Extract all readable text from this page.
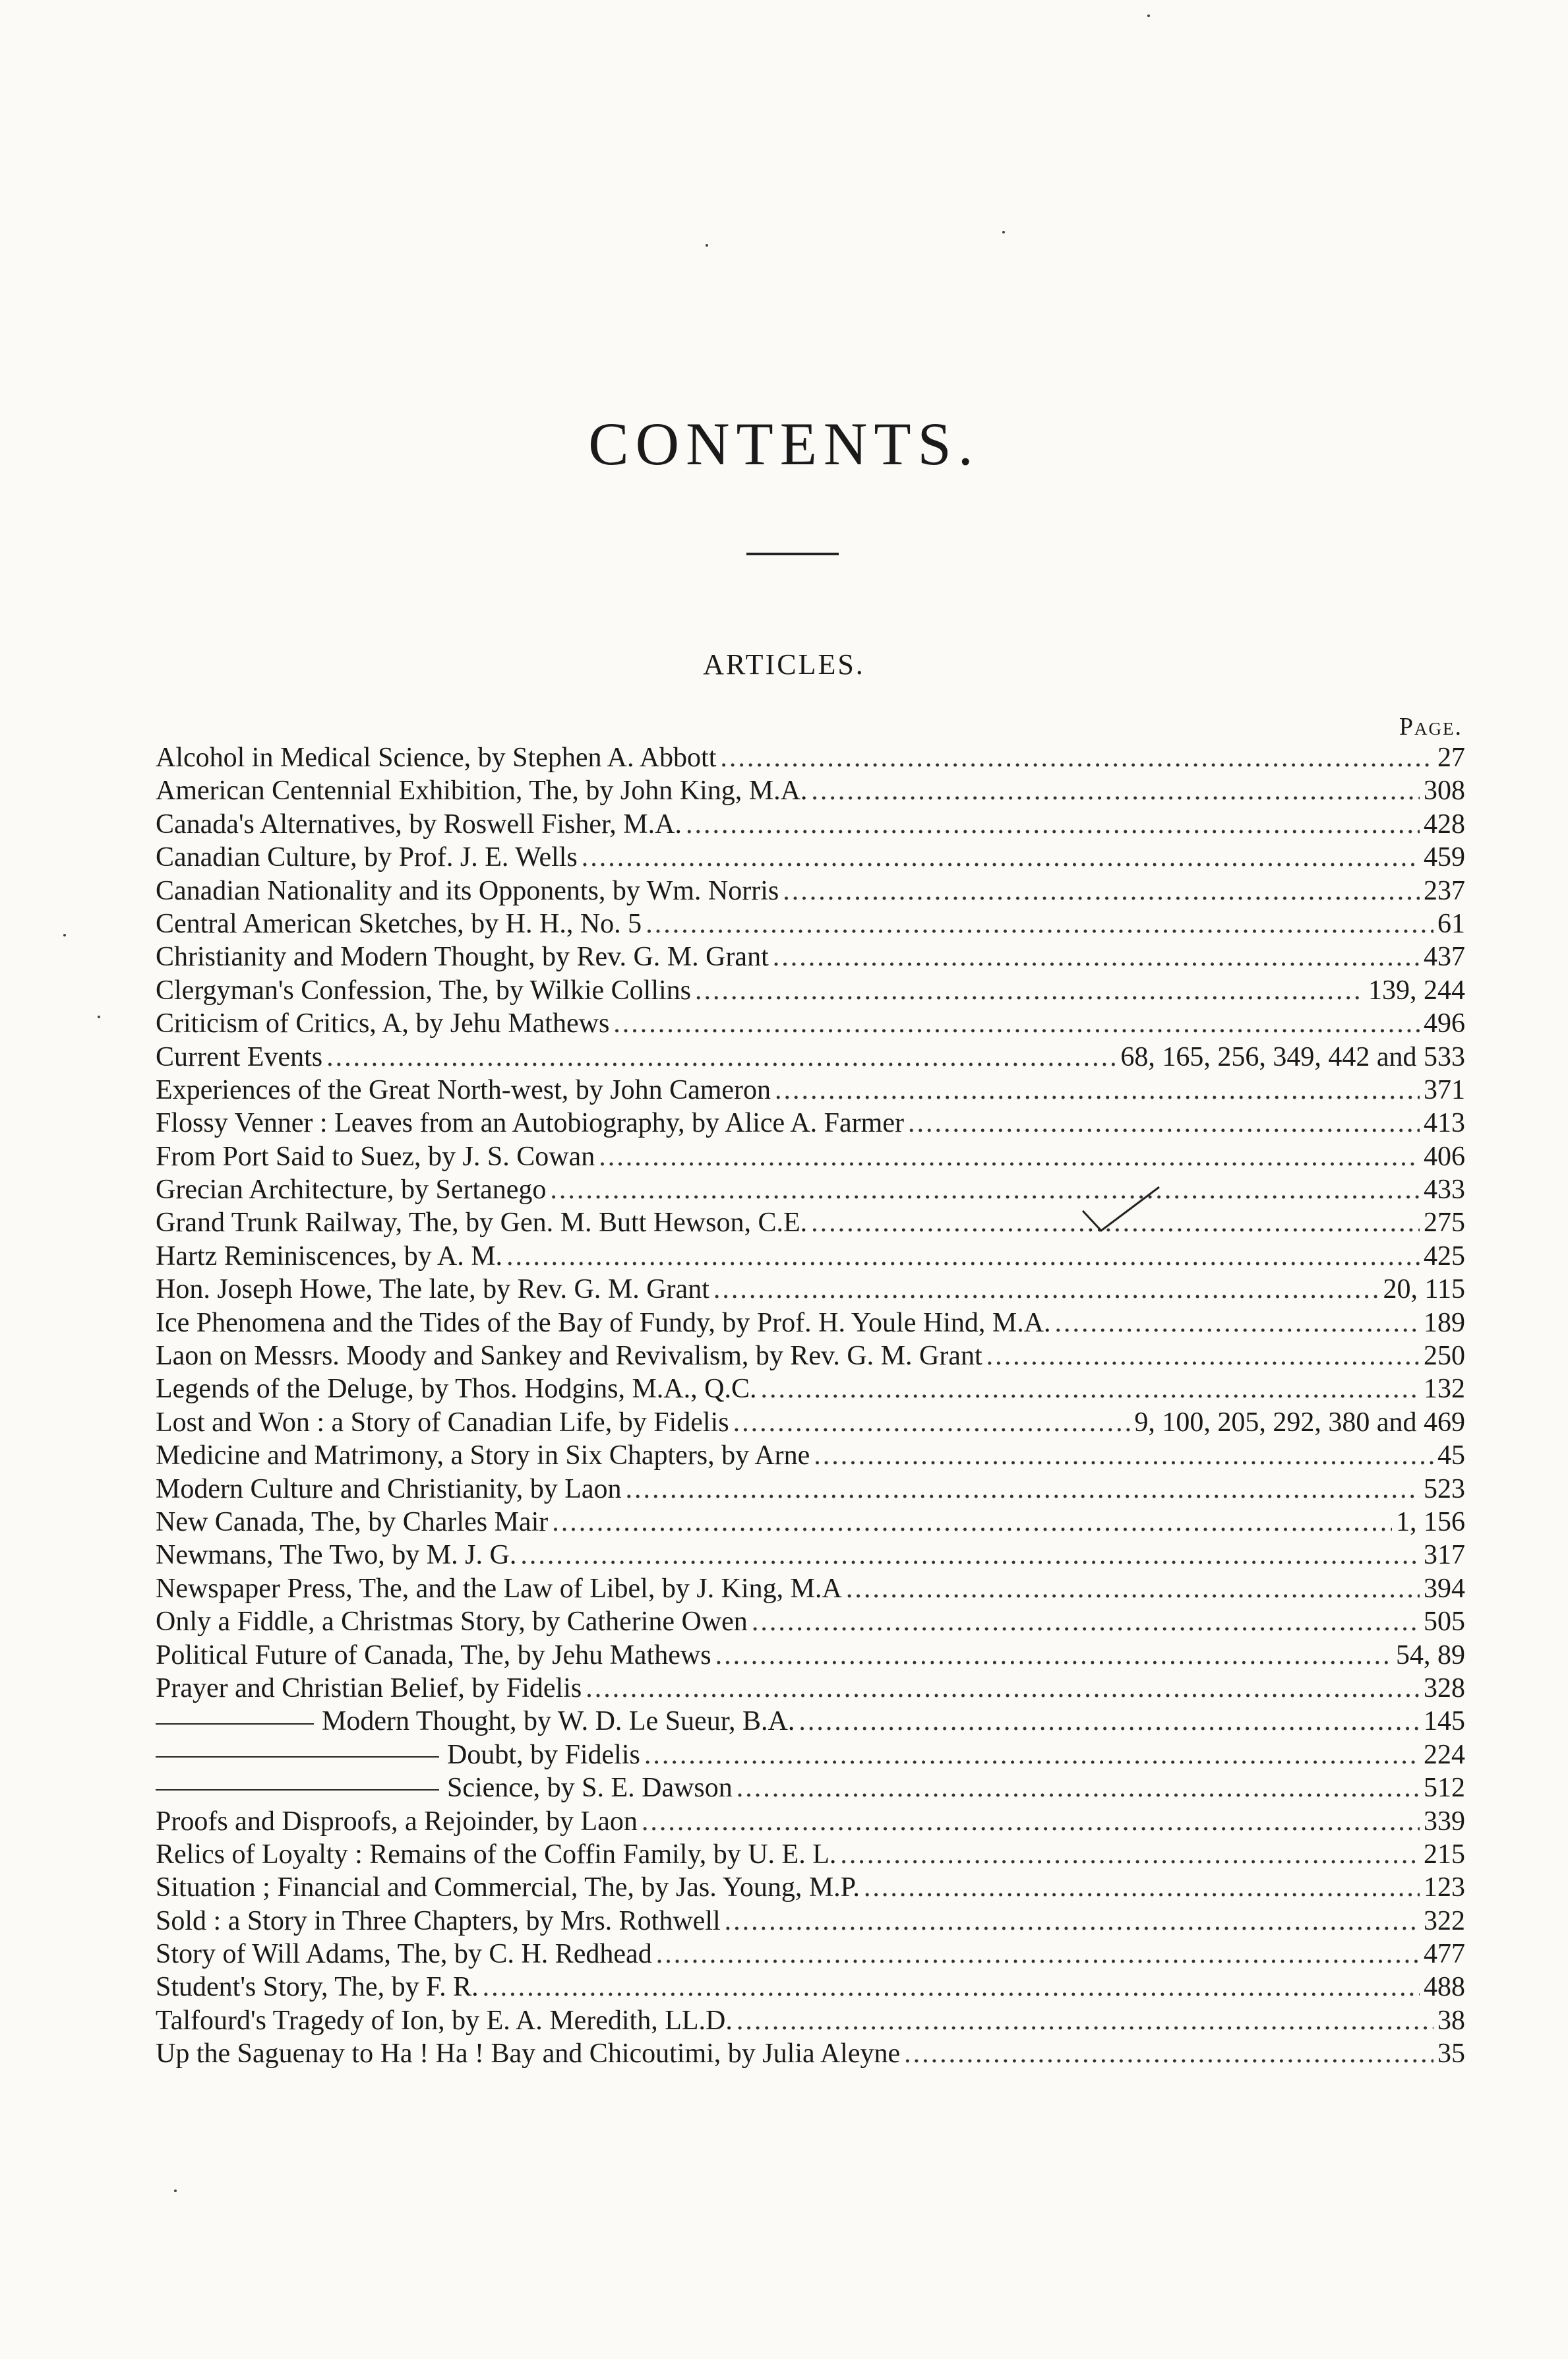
CONTENTS.
ARTICLES.
Page.
Alcohol in Medical Science, by Stephen A. Abbott .....	27
American Centennial Exhibition, The, by John King, M.A. .....	308
Canada's Alternatives, by Roswell Fisher, M.A. .....	428
Canadian Culture, by Prof. J. E. Wells .....	459
Canadian Nationality and its Opponents, by Wm. Norris .....	237
Central American Sketches, by H. H., No. 5 .....	61
Christianity and Modern Thought, by Rev. G. M. Grant .....	437
Clergyman's Confession, The, by Wilkie Collins .....	139, 244
Criticism of Critics, A, by Jehu Mathews .....	496
Current Events .....	68, 165, 256, 349, 442 and 533
Experiences of the Great North-west, by John Cameron .....	371
Flossy Venner : Leaves from an Autobiography, by Alice A. Farmer .....	413
From Port Said to Suez, by J. S. Cowan .....	406
Grecian Architecture, by Sertanego .....	433
Grand Trunk Railway, The, by Gen. M. Butt Hewson, C.E. .....	275
Hartz Reminiscences, by A. M. .....	425
Hon. Joseph Howe, The late, by Rev. G. M. Grant .....	20, 115
Ice Phenomena and the Tides of the Bay of Fundy, by Prof. H. Youle Hind, M.A. .....	189
Laon on Messrs. Moody and Sankey and Revivalism, by Rev. G. M. Grant .....	250
Legends of the Deluge, by Thos. Hodgins, M.A., Q.C. .....	132
Lost and Won : a Story of Canadian Life, by Fidelis .....	9, 100, 205, 292, 380 and 469
Medicine and Matrimony, a Story in Six Chapters, by Arne .....	45
Modern Culture and Christianity, by Laon .....	523
New Canada, The, by Charles Mair .....	1, 156
Newmans, The Two, by M. J. G. .....	317
Newspaper Press, The, and the Law of Libel, by J. King, M.A .....	394
Only a Fiddle, a Christmas Story, by Catherine Owen .....	505
Political Future of Canada, The, by Jehu Mathews .....	54, 89
Prayer and Christian Belief, by Fidelis .....	328
Modern Thought, by W. D. Le Sueur, B.A. .....	145
Doubt, by Fidelis .....	224
Science, by S. E. Dawson .....	512
Proofs and Disproofs, a Rejoinder, by Laon .....	339
Relics of Loyalty : Remains of the Coffin Family, by U. E. L. .....	215
Situation ; Financial and Commercial, The, by Jas. Young, M.P. .....	123
Sold : a Story in Three Chapters, by Mrs. Rothwell .....	322
Story of Will Adams, The, by C. H. Redhead .....	477
Student's Story, The, by F. R. .....	488
Talfourd's Tragedy of Ion, by E. A. Meredith, LL.D. .....	38
Up the Saguenay to Ha ! Ha ! Bay and Chicoutimi, by Julia Aleyne .....	35
